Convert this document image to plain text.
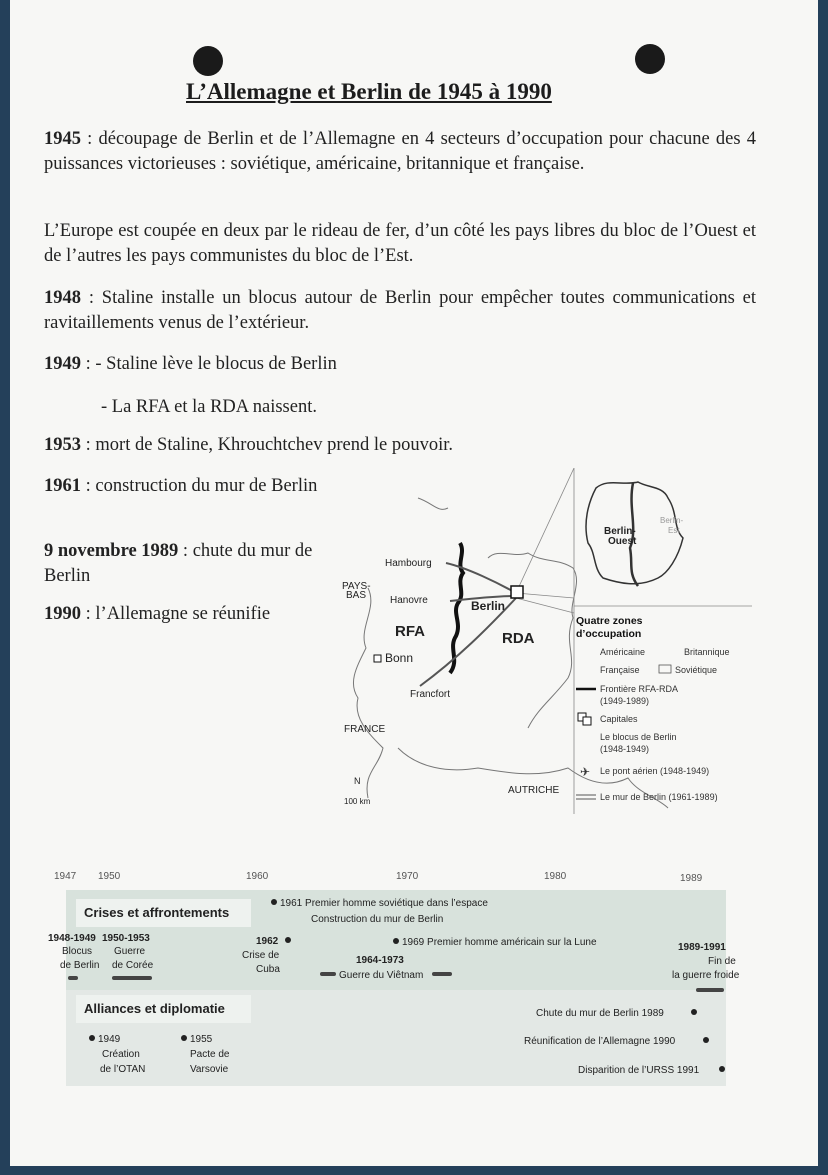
L’Allemagne et Berlin de 1945 à 1990
1945 : découpage de Berlin et de l’Allemagne en 4 secteurs d’occupation pour chacune des 4 puissances victorieuses : soviétique, américaine, britannique et française.
L’Europe est coupée en deux par le rideau de fer, d’un côté les pays libres du bloc de l’Ouest et de l’autres les pays communistes du bloc de l’Est.
1948 : Staline installe un blocus autour de Berlin pour empêcher toutes communications et ravitaillements venus de l’extérieur.
1949 : - Staline lève le blocus de Berlin
- La RFA et la RDA naissent.
1953 : mort de Staline, Khrouchtchev prend le pouvoir.
1961 : construction du mur de Berlin
9 novembre 1989 : chute du mur de Berlin
1990 : l’Allemagne se réunifie
Hambourg
PAYS-
BAS Hanovre	Berlin
RFA	RDA
Bonn
Francfort
FRANCE
AUTRICHE
100 km
N
Berlin-
Ouest
Berlin-
Est
Quatre zones
d’occupation
Américaine	Britannique
Française	Soviétique
Frontière RFA-RDA
(1949-1989)
Capitales
Le blocus de Berlin
(1948-1949)
✈ Le pont aérien (1948-1949)
Le mur de Berlin (1961-1989)
1947 1950	1960	1970	1980	1989
Crises et affrontements
Alliances et diplomatie
1961 Premier homme soviétique dans l’espace
Construction du mur de Berlin
1969 Premier homme américain sur la Lune
1948-1949
Blocus
de Berlin
1950-1953
Guerre
de Corée
1962
Crise de
Cuba
1964-1973
Guerre du Viêtnam
1989-1991
Fin de
la guerre froide
1949
Création
de l’OTAN
1955
Pacte de
Varsovie
Chute du mur de Berlin 1989
Réunification de l’Allemagne 1990
Disparition de l’URSS 1991
